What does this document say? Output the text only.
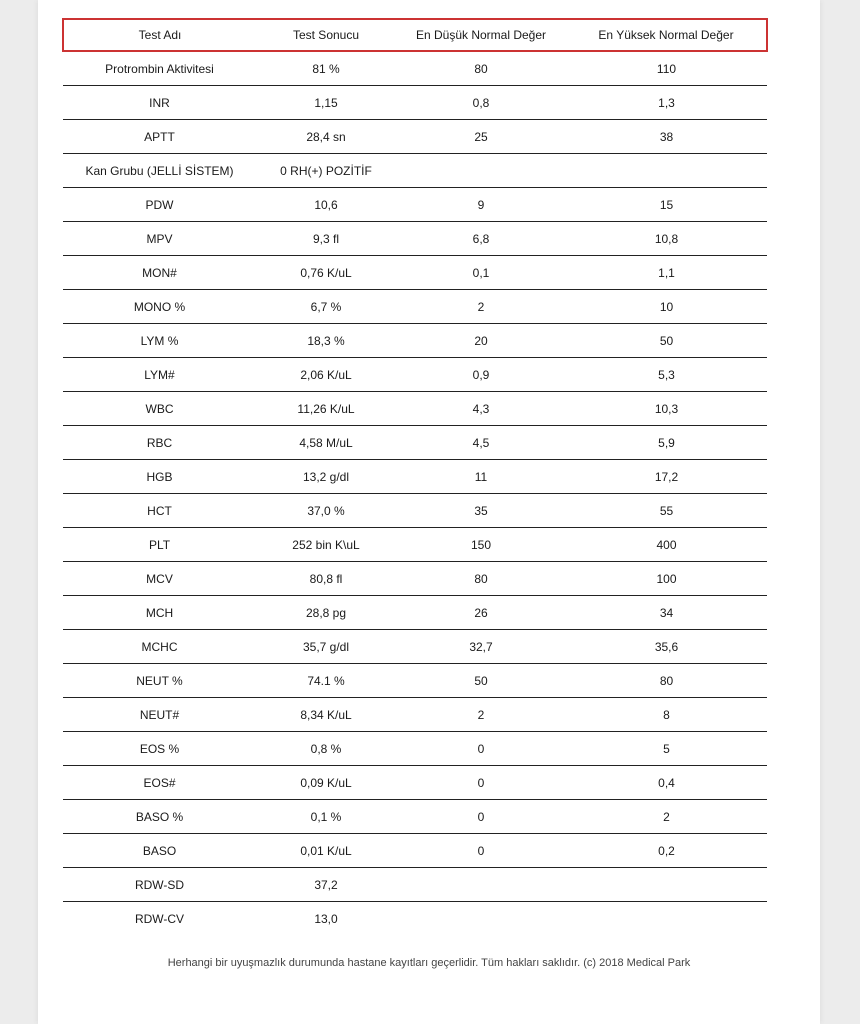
Test Adı	Test Sonucu	En Düşük Normal Değer	En Yüksek Normal Değer
Protrombin Aktivitesi	81 %	80	110
INR	1,15	0,8	1,3
APTT	28,4 sn	25	38
Kan Grubu (JELLİ SİSTEM)	0 RH(+) POZİTİF		
PDW	10,6	9	15
MPV	9,3 fl	6,8	10,8
MON#	0,76 K/uL	0,1	1,1
MONO %	6,7 %	2	10
LYM %	18,3 %	20	50
LYM#	2,06 K/uL	0,9	5,3
WBC	11,26 K/uL	4,3	10,3
RBC	4,58 M/uL	4,5	5,9
HGB	13,2 g/dl	11	17,2
HCT	37,0 %	35	55
PLT	252 bin K\uL	150	400
MCV	80,8 fl	80	100
MCH	28,8 pg	26	34
MCHC	35,7 g/dl	32,7	35,6
NEUT %	74.1 %	50	80
NEUT#	8,34 K/uL	2	8
EOS %	0,8 %	0	5
EOS#	0,09 K/uL	0	0,4
BASO %	0,1 %	0	2
BASO	0,01 K/uL	0	0,2
RDW-SD	37,2		
RDW-CV	13,0		
Herhangi bir uyuşmazlık durumunda hastane kayıtları geçerlidir. Tüm hakları saklıdır. (c) 2018 Medical Park
